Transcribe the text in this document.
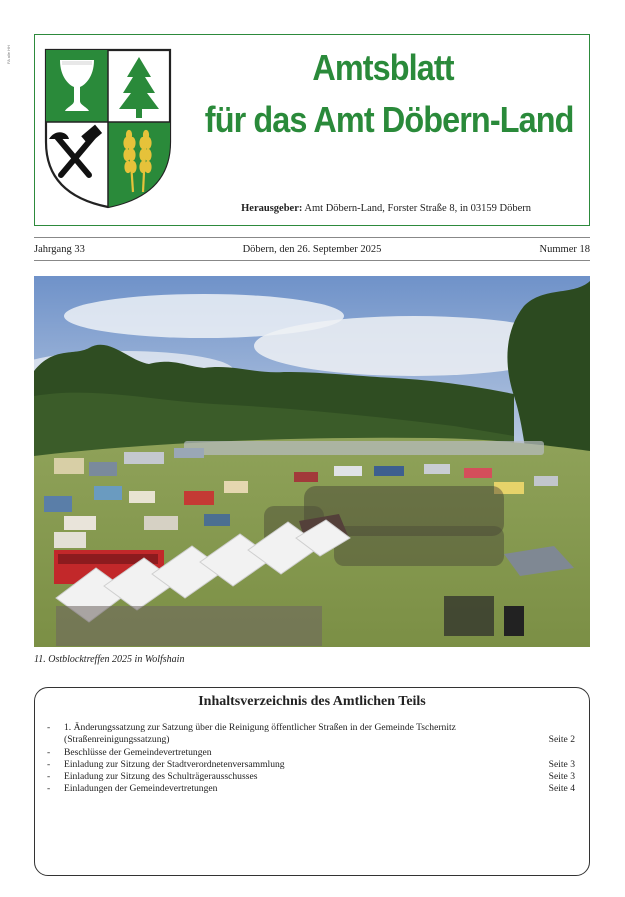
FA alle HH	Amtsblatt
für das Amt Döbern-Land
Herausgeber: Amt Döbern-Land, Forster Straße 8, in 03159 Döbern
Jahrgang 33	Döbern, den 26. September 2025	Nummer 18
11. Ostblocktreffen 2025 in Wolfshain
Inhaltsverzeichnis des Amtlichen Teils
- 1. Änderungssatzung zur Satzung über die Reinigung öffentlicher Straßen in der Gemeinde Tschernitz
(Straßenreinigungssatzung)	Seite 2
- Beschlüsse der Gemeindevertretungen
- Einladung zur Sitzung der Stadtverordnetenversammlung	Seite 3
- Einladung zur Sitzung des Schulträgerausschusses	Seite 3
- Einladungen der Gemeindevertretungen	Seite 4
